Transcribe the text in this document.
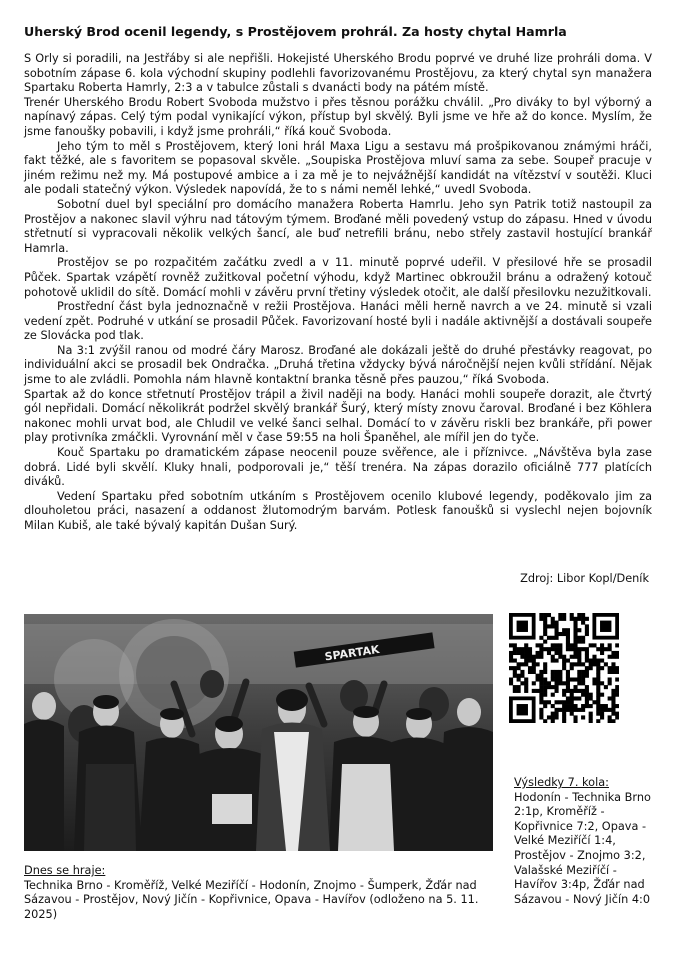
Uherský Brod ocenil legendy, s Prostějovem prohrál. Za hosty chytal Hamrla

S Orly si poradili, na Jestřáby si ale nepřišli. Hokejisté Uherského Brodu poprvé ve druhé lize prohráli doma. V sobotním zápase 6. kola východní skupiny podlehli favorizovanému Prostějovu, za který chytal syn manažera Spartaku Roberta Hamrly, 2:3 a v tabulce zůstali s dvanácti body na pátém místě.

Trenér Uherského Brodu Robert Svoboda mužstvo i přes těsnou porážku chválil. „Pro diváky to byl výborný a napínavý zápas. Celý tým podal vynikající výkon, přístup byl skvělý. Byli jsme ve hře až do konce. Myslím, že jsme fanoušky pobavili, i když jsme prohráli,“ říká kouč Svoboda.

Jeho tým to měl s Prostějovem, který loni hrál Maxa Ligu a sestavu má prošpikovanou známými hráči, fakt těžké, ale s favoritem se popasoval skvěle. „Soupiska Prostějova mluví sama za sebe. Soupeř pracuje v jiném režimu než my. Má postupové ambice a i za mě je to nejvážnější kandidát na vítězství v soutěži. Kluci ale podali statečný výkon. Výsledek napovídá, že to s námi neměl lehké,“ uvedl Svoboda.

Sobotní duel byl speciální pro domácího manažera Roberta Hamrlu. Jeho syn Patrik totiž nastoupil za Prostějov a nakonec slavil výhru nad tátovým týmem. Broďané měli povedený vstup do zápasu. Hned v úvodu střetnutí si vypracovali několik velkých šancí, ale buď netrefili bránu, nebo střely zastavil hostující brankář Hamrla.

Prostějov se po rozpačitém začátku zvedl a v 11. minutě poprvé udeřil. V přesilové hře se prosadil Půček. Spartak vzápětí rovněž zužitkoval početní výhodu, když Martinec obkroužil bránu a odražený kotouč pohotově uklidil do sítě. Domácí mohli v závěru první třetiny výsledek otočit, ale další přesilovku nezužitkovali.

Prostřední část byla jednoznačně v režii Prostějova. Hanáci měli herně navrch a ve 24. minutě si vzali vedení zpět. Podruhé v utkání se prosadil Půček. Favorizovaní hosté byli i nadále aktivnější a dostávali soupeře ze Slovácka pod tlak.

Na 3:1 zvýšil ranou od modré čáry Marosz. Broďané ale dokázali ještě do druhé přestávky reagovat, po individuální akci se prosadil bek Ondračka. „Druhá třetina vždycky bývá náročnější nejen kvůli střídání. Nějak jsme to ale zvládli. Pomohla nám hlavně kontaktní branka těsně přes pauzou,“ říká Svoboda.

Spartak až do konce střetnutí Prostějov trápil a živil naději na body. Hanáci mohli soupeře dorazit, ale čtvrtý gól nepřidali. Domácí několikrát podržel skvělý brankář Šurý, který místy znovu čaroval. Broďané i bez Köhlera nakonec mohli urvat bod, ale Chludil ve velké šanci selhal. Domácí to v závěru riskli bez brankáře, při power play protivníka zmáčkli. Vyrovnání měl v čase 59:55 na holi Španěhel, ale mířil jen do tyče.

Kouč Spartaku po dramatickém zápase neocenil pouze svěřence, ale i příznivce. „Návštěva byla zase dobrá. Lidé byli skvělí. Kluky hnali, podporovali je,“ těší trenéra. Na zápas dorazilo oficiálně 777 platících diváků.

Vedení Spartaku před sobotním utkáním s Prostějovem ocenilo klubové legendy, poděkovalo jim za dlouholetou práci, nasazení a oddanost žlutomodrým barvám. Potlesk fanoušků si vyslechl nejen bojovník Milan Kubiš, ale také bývalý kapitán Dušan Surý.

Zdroj: Libor Kopl/Deník
SPARTAK
Výsledky 7. kola:
Hodonín - Technika Brno 2:1p, Kroměříž - Kopřivnice 7:2, Opava - Velké Meziříčí 1:4, Prostějov - Znojmo 3:2, Valašské Meziříčí - Havířov 3:4p, Žďár nad Sázavou - Nový Jičín 4:0
Dnes se hraje:
Technika Brno - Kroměříž, Velké Meziříčí - Hodonín, Znojmo - Šumperk, Žďár nad Sázavou - Prostějov, Nový Jičín - Kopřivnice, Opava - Havířov (odloženo na 5. 11. 2025)
